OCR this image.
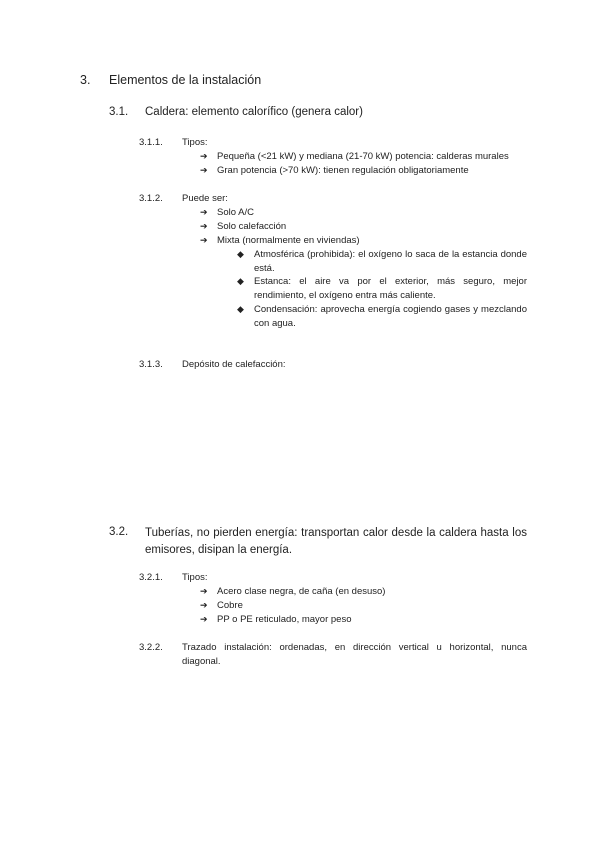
3. Elementos de la instalación
3.1. Caldera: elemento calorífico (genera calor)
3.1.1. Tipos:
➔ Pequeña (<21 kW) y mediana (21-70 kW) potencia: calderas murales
➔ Gran potencia (>70 kW): tienen regulación obligatoriamente
3.1.2. Puede ser:
➔ Solo A/C
➔ Solo calefacción
➔ Mixta (normalmente en viviendas)
◆ Atmosférica (prohibida): el oxígeno lo saca de la estancia donde está.
◆ Estanca: el aire va por el exterior, más seguro, mejor rendimiento, el oxígeno entra más caliente.
◆ Condensación: aprovecha energía cogiendo gases y mezclando con agua.
3.1.3. Depósito de calefacción:
3.2. Tuberías, no pierden energía: transportan calor desde la caldera hasta los emisores, disipan la energía.
3.2.1. Tipos:
➔ Acero clase negra, de caña (en desuso)
➔ Cobre
➔ PP o PE reticulado, mayor peso
3.2.2. Trazado instalación: ordenadas, en dirección vertical u horizontal, nunca diagonal.
